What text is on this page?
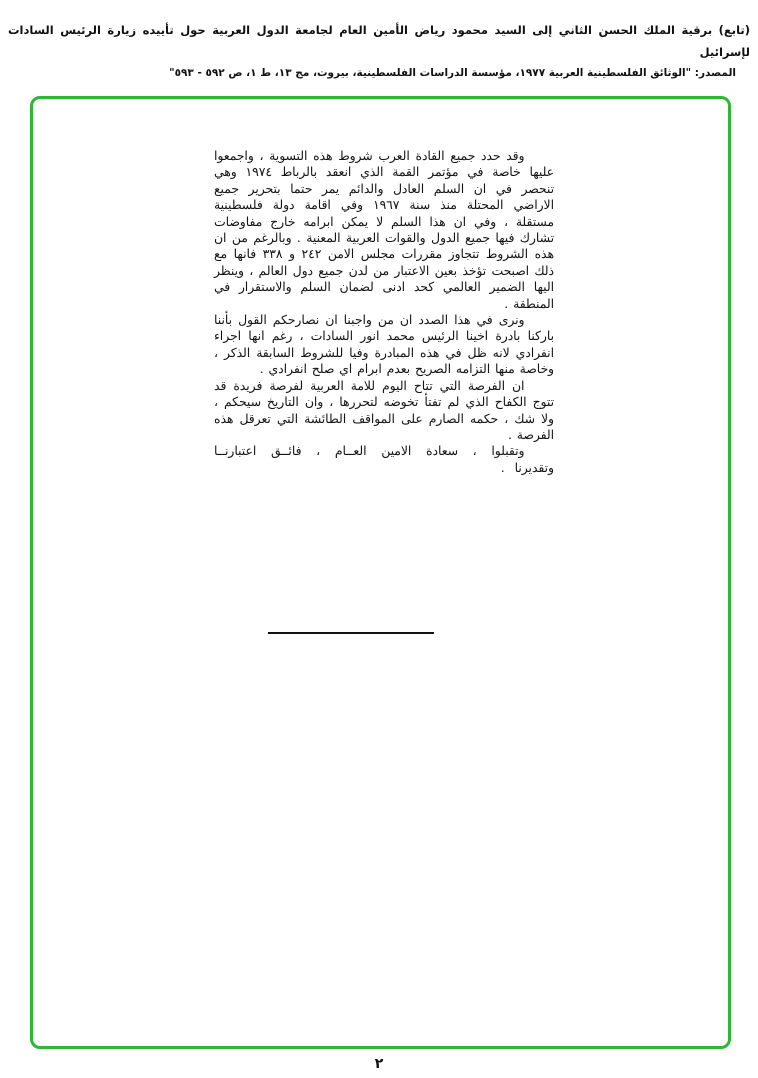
(تابع) برقية الملك الحسن الثاني إلى السيد محمود رياض الأمين العام لجامعة الدول العربية حول تأييده زيارة الرئيس السادات لإسرائيل
المصدر: "الوثائق الفلسطينية العربية ١٩٧٧، مؤسسة الدراسات الفلسطينية، بيروت، مج ١٣، ط ١، ص ٥٩٢ - ٥٩٣"

وقد حدد جميع القادة العرب شروط هذه التسوية ، واجمعوا عليها خاصة في مؤتمر القمة الذي انعقد بالرباط ١٩٧٤ وهي تنحصر في ان السلم العادل والدائم يمر حتما بتحرير جميع الاراضي المحتلة منذ سنة ١٩٦٧ وفي اقامة دولة فلسطينية مستقلة ، وفي ان هذا السلم لا يمكن ابرامه خارج مفاوضات تشارك فيها جميع الدول والقوات العربية المعنية . وبالرغم من ان هذه الشروط تتجاوز مقررات مجلس الامن ٢٤٢ و ٣٣٨ فانها مع ذلك اصبحت تؤخذ بعين الاعتبار من لدن جميع دول العالم ، وينظر اليها الضمير العالمي كحد ادنى لضمان السلم والاستقرار في المنطقة .

ونرى في هذا الصدد ان من واجبنا ان نصارحكم القول بأننا باركنا بادرة اخينا الرئيس محمد انور السادات ، رغم انها اجراء انفرادي لانه ظل في هذه المبادرة وفيا للشروط السابقة الذكر ، وخاصة منها التزامه الصريح بعدم ابرام اي صلح انفرادي .

ان الفرصة التي تتاح اليوم للامة العربية لفرصة فريدة قد تتوج الكفاح الذي لم تفتأ تخوضه لتحررها ، وان التاريخ سيحكم ، ولا شك ، حكمه الصارم على المواقف الطائشة التي تعرقل هذه الفرصة .

وتقبلوا ، سعادة الامين العــام ، فائــق اعتبارنــا وتقديرنا .

٢
